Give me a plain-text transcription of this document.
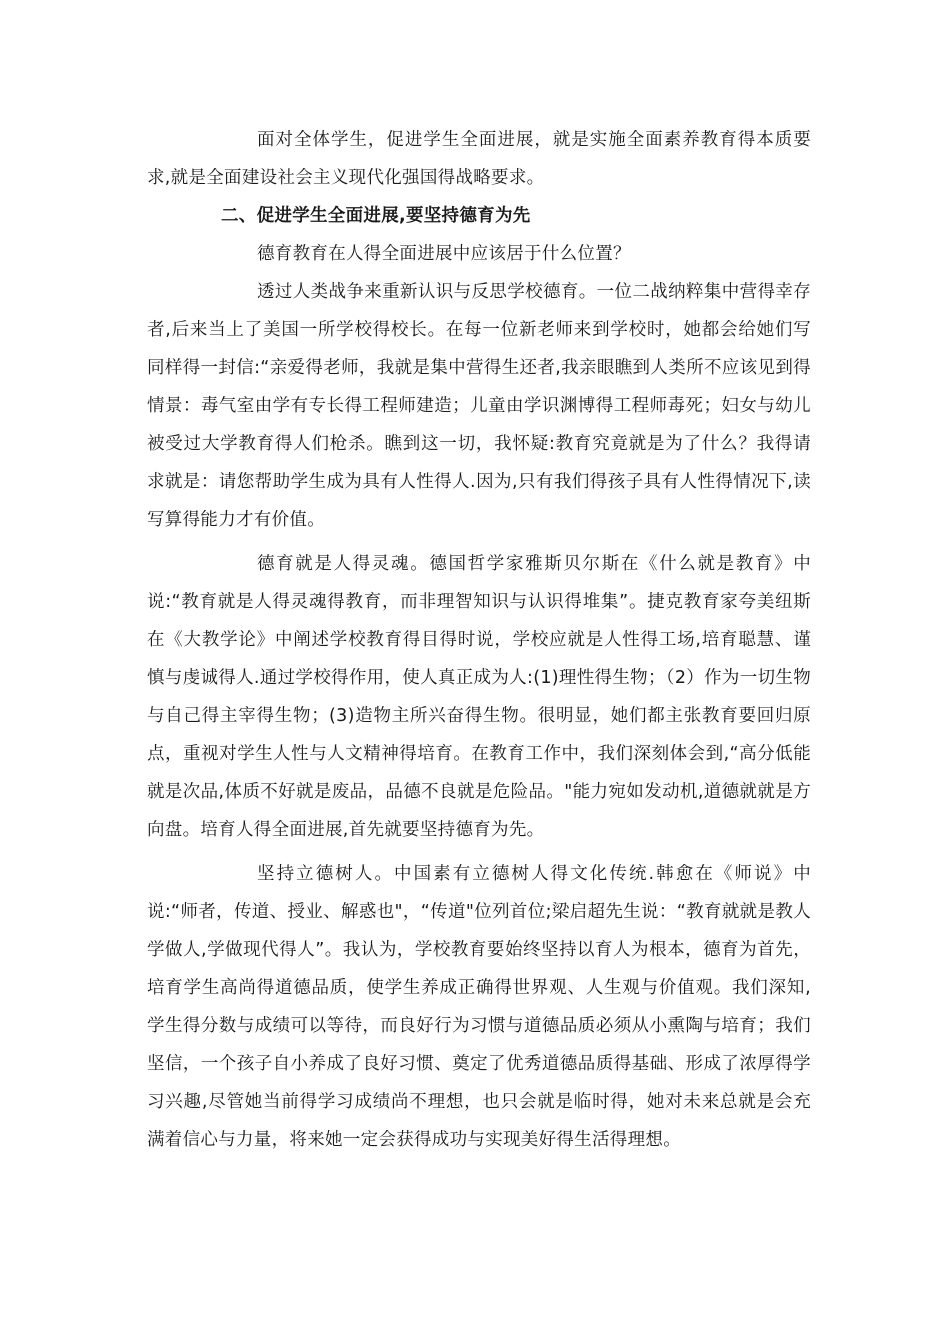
面对全体学生，促进学生全面进展，就是实施全面素养教育得本质要求,就是全面建设社会主义现代化强国得战略要求。

二、促进学生全面进展,要坚持德育为先

德育教育在人得全面进展中应该居于什么位置？

透过人类战争来重新认识与反思学校德育。一位二战纳粹集中营得幸存者,后来当上了美国一所学校得校长。在每一位新老师来到学校时，她都会给她们写同样得一封信:“亲爱得老师，我就是集中营得生还者,我亲眼瞧到人类所不应该见到得情景：毒气室由学有专长得工程师建造；儿童由学识渊博得工程师毒死；妇女与幼儿被受过大学教育得人们枪杀。瞧到这一切，我怀疑:教育究竟就是为了什么？我得请求就是：请您帮助学生成为具有人性得人.因为,只有我们得孩子具有人性得情况下,读写算得能力才有价值。

德育就是人得灵魂。德国哲学家雅斯贝尔斯在《什么就是教育》中说:“教育就是人得灵魂得教育，而非理智知识与认识得堆集”。捷克教育家夸美纽斯在《大教学论》中阐述学校教育得目得时说，学校应就是人性得工场,培育聪慧、谨慎与虔诚得人.通过学校得作用，使人真正成为人:(1)理性得生物；（2）作为一切生物与自己得主宰得生物；(3)造物主所兴奋得生物。很明显，她们都主张教育要回归原点，重视对学生人性与人文精神得培育。在教育工作中，我们深刻体会到,“高分低能就是次品,体质不好就是废品，品德不良就是危险品。"能力宛如发动机,道德就就是方向盘。培育人得全面进展,首先就要坚持德育为先。

坚持立德树人。中国素有立德树人得文化传统.韩愈在《师说》中说:“师者，传道、授业、解惑也"，“传道"位列首位;梁启超先生说：“教育就就是教人学做人,学做现代得人”。我认为，学校教育要始终坚持以育人为根本，德育为首先，培育学生高尚得道德品质，使学生养成正确得世界观、人生观与价值观。我们深知,学生得分数与成绩可以等待，而良好行为习惯与道德品质必须从小熏陶与培育；我们坚信，一个孩子自小养成了良好习惯、奠定了优秀道德品质得基础、形成了浓厚得学习兴趣,尽管她当前得学习成绩尚不理想，也只会就是临时得，她对未来总就是会充满着信心与力量，将来她一定会获得成功与实现美好得生活得理想。
